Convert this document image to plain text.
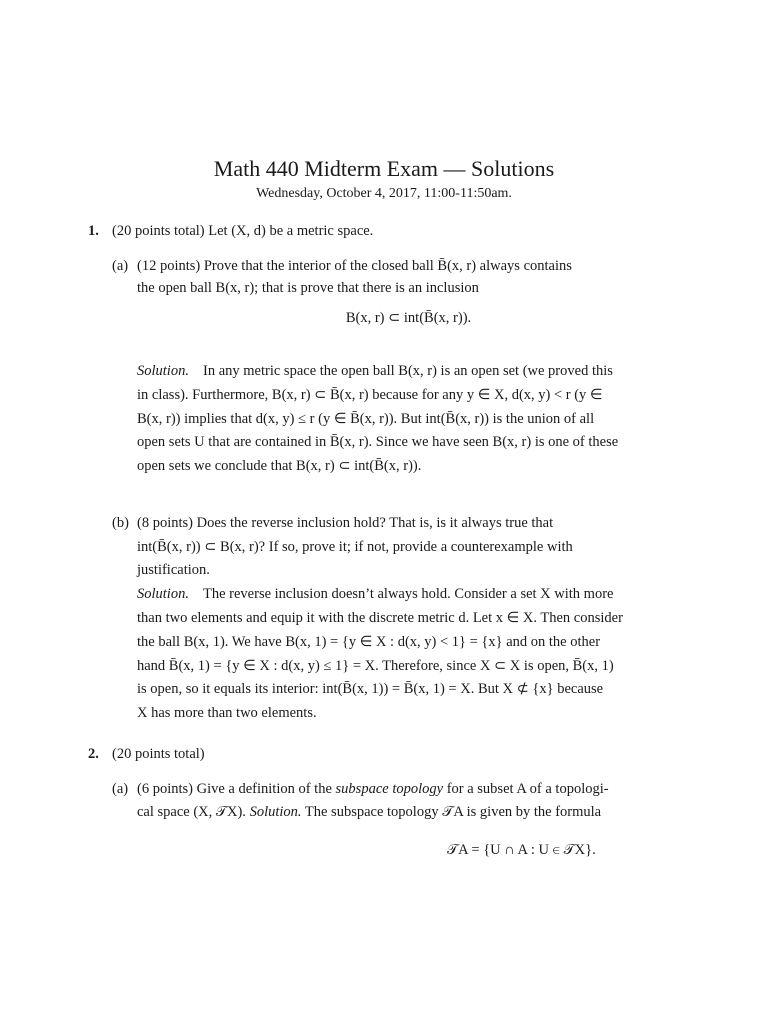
Math 440 Midterm Exam — Solutions
Wednesday, October 4, 2017, 11:00-11:50am.
1. (20 points total) Let (X, d) be a metric space.
(a) (12 points) Prove that the interior of the closed ball B̄(x, r) always contains
the open ball B(x, r); that is prove that there is an inclusion
B(x, r) ⊂ int(B̄(x, r)).
Solution. In any metric space the open ball B(x, r) is an open set (we proved this
in class). Furthermore, B(x, r) ⊂ B̄(x, r) because for any y ∈ X, d(x, y) < r (y ∈
B(x, r)) implies that d(x, y) ≤ r (y ∈ B̄(x, r)). But int(B̄(x, r)) is the union of all
open sets U that are contained in B̄(x, r). Since we have seen B(x, r) is one of these
open sets we conclude that B(x, r) ⊂ int(B̄(x, r)).
(b) (8 points) Does the reverse inclusion hold? That is, is it always true that
int(B̄(x, r)) ⊂ B(x, r)? If so, prove it; if not, provide a counterexample with
justification.
Solution. The reverse inclusion doesn’t always hold. Consider a set X with more
than two elements and equip it with the discrete metric d. Let x ∈ X. Then consider
the ball B(x, 1). We have B(x, 1) = {y ∈ X : d(x, y) < 1} = {x} and on the other
hand B̄(x, 1) = {y ∈ X : d(x, y) ≤ 1} = X. Therefore, since X ⊂ X is open, B̄(x, 1)
is open, so it equals its interior: int(B̄(x, 1)) = B̄(x, 1) = X. But X ⊄ {x} because
X has more than two elements.
2. (20 points total)
(a) (6 points) Give a definition of the subspace topology for a subset A of a topologi-
cal space (X, 𝒯X). Solution. The subspace topology 𝒯A is given by the formula
𝒯A = {U ∩ A : U ∈ 𝒯X}.
